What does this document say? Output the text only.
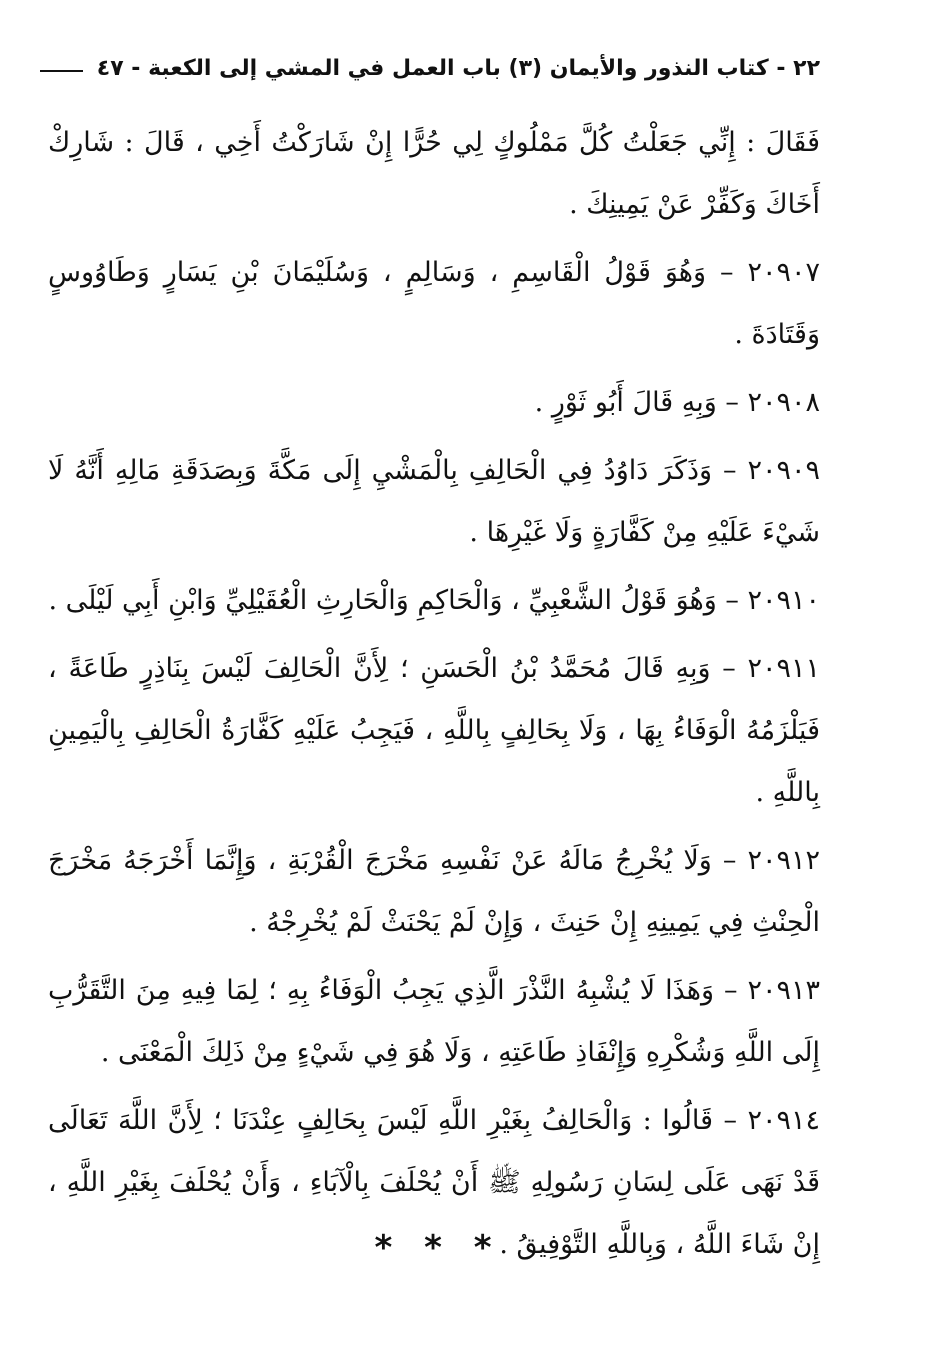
٢٢ - كتاب النذور والأيمان (٣) باب العمل في المشي إلى الكعبة - ٤٧

فَقَالَ : إِنِّي جَعَلْتُ كُلَّ مَمْلُوكٍ لِي حُرًّا إِنْ شَارَكْتُ أَخِي ، قَالَ : شَارِكْ أَخَاكَ وَكَفِّرْ عَنْ يَمِينِكَ .

٢٠٩٠٧ – وَهُوَ قَوْلُ الْقَاسِمِ ، وَسَالِمٍ ، وَسُلَيْمَانَ بْنِ يَسَارٍ وَطَاوُوسٍ وَقَتَادَةَ .

٢٠٩٠٨ – وَبِهِ قَالَ أَبُو ثَوْرٍ .

٢٠٩٠٩ – وَذَكَرَ دَاوُدُ فِي الْحَالِفِ بِالْمَشْيِ إِلَى مَكَّةَ وَبِصَدَقَةِ مَالِهِ أَنَّهُ لَا شَيْءَ عَلَيْهِ مِنْ كَفَّارَةٍ وَلَا غَيْرِهَا .

٢٠٩١٠ – وَهُوَ قَوْلُ الشَّعْبِيِّ ، وَالْحَاكِمِ وَالْحَارِثِ الْعُقَيْلِيِّ وَابْنِ أَبِي لَيْلَى .

٢٠٩١١ – وَبِهِ قَالَ مُحَمَّدُ بْنُ الْحَسَنِ ؛ لِأَنَّ الْحَالِفَ لَيْسَ بِنَاذِرٍ طَاعَةً ، فَيَلْزَمُهُ الْوَفَاءُ بِهَا ، وَلَا بِحَالِفٍ بِاللَّهِ ، فَيَجِبُ عَلَيْهِ كَفَّارَةُ الْحَالِفِ بِالْيَمِينِ بِاللَّهِ .

٢٠٩١٢ – وَلَا يُخْرِجُ مَالَهُ عَنْ نَفْسِهِ مَخْرَجَ الْقُرْبَةِ ، وَإِنَّمَا أَخْرَجَهُ مَخْرَجَ الْحِنْثِ فِي يَمِينِهِ إِنْ حَنِثَ ، وَإِنْ لَمْ يَحْنَثْ لَمْ يُخْرِجْهُ .

٢٠٩١٣ – وَهَذَا لَا يُشْبِهُ النَّذْرَ الَّذِي يَجِبُ الْوَفَاءُ بِهِ ؛ لِمَا فِيهِ مِنَ التَّقَرُّبِ إِلَى اللَّهِ وَشُكْرِهِ وَإِنْفَاذِ طَاعَتِهِ ، وَلَا هُوَ فِي شَيْءٍ مِنْ ذَلِكَ الْمَعْنَى .

٢٠٩١٤ – قَالُوا : وَالْحَالِفُ بِغَيْرِ اللَّهِ لَيْسَ بِحَالِفٍ عِنْدَنَا ؛ لِأَنَّ اللَّهَ تَعَالَى قَدْ نَهَى عَلَى لِسَانِ رَسُولِهِ ﷺ أَنْ يُحْلَفَ بِالْآبَاءِ ، وَأَنْ يُحْلَفَ بِغَيْرِ اللَّهِ ، إِنْ شَاءَ اللَّهُ ، وَبِاللَّهِ التَّوْفِيقُ .

* * *
